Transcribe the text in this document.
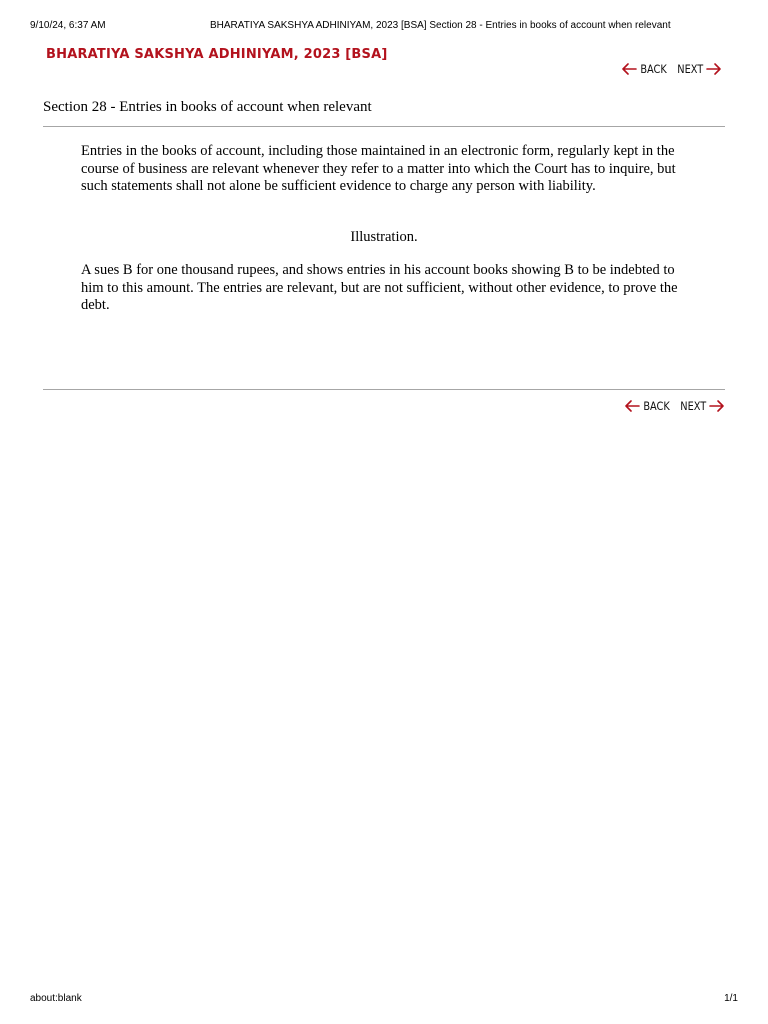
9/10/24, 6:37 AM	BHARATIYA SAKSHYA ADHINIYAM, 2023 [BSA] Section 28 - Entries in books of account when relevant
BHARATIYA SAKSHYA ADHINIYAM, 2023 [BSA]
BACK
NEXT
Section 28 - Entries in books of account when relevant
Entries in the books of account, including those maintained in an electronic form, regularly kept in the course of business are relevant whenever they refer to a matter into which the Court has to inquire, but such statements shall not alone be sufficient evidence to charge any person with liability.
Illustration.
A sues B for one thousand rupees, and shows entries in his account books showing B to be indebted to him to this amount. The entries are relevant, but are not sufficient, without other evidence, to prove the debt.
BACK
NEXT
about:blank	1/1
